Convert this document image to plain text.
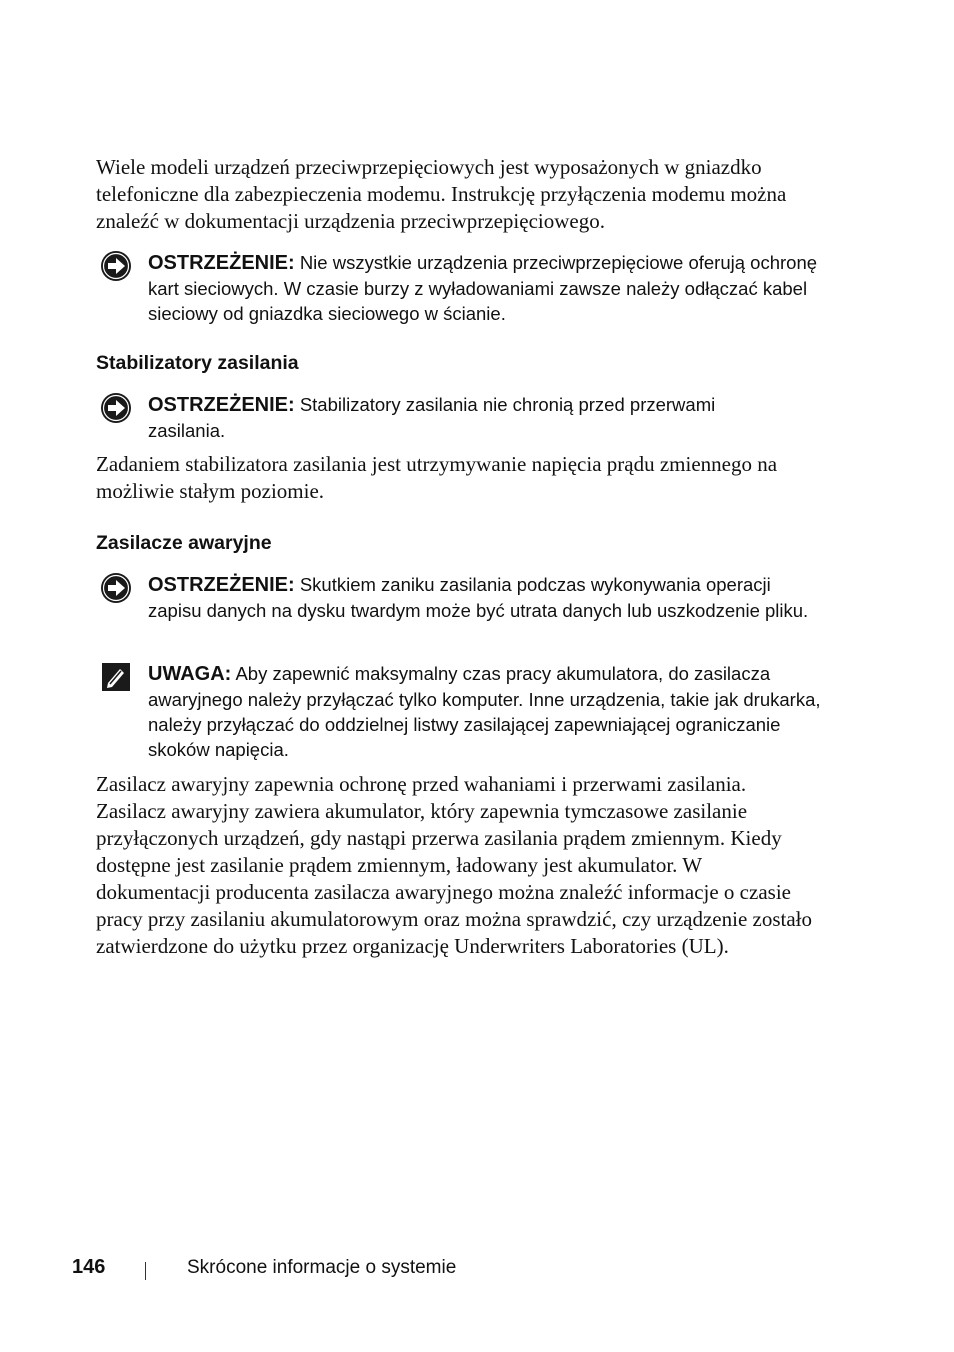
Wiele modeli urządzeń przeciwprzepięciowych jest wyposażonych w gniazdko telefoniczne dla zabezpieczenia modemu. Instrukcję przyłączenia modemu można znaleźć w dokumentacji urządzenia przeciwprzepięciowego.

OSTRZEŻENIE: Nie wszystkie urządzenia przeciwprzepięciowe oferują ochronę kart sieciowych. W czasie burzy z wyładowaniami zawsze należy odłączać kabel sieciowy od gniazdka sieciowego w ścianie.
Stabilizatory zasilania
OSTRZEŻENIE: Stabilizatory zasilania nie chronią przed przerwami zasilania.

Zadaniem stabilizatora zasilania jest utrzymywanie napięcia prądu zmiennego na możliwie stałym poziomie.

Zasilacze awaryjne
OSTRZEŻENIE: Skutkiem zaniku zasilania podczas wykonywania operacji zapisu danych na dysku twardym może być utrata danych lub uszkodzenie pliku.
UWAGA: Aby zapewnić maksymalny czas pracy akumulatora, do zasilacza awaryjnego należy przyłączać tylko komputer. Inne urządzenia, takie jak drukarka, należy przyłączać do oddzielnej listwy zasilającej zapewniającej ograniczanie skoków napięcia.

Zasilacz awaryjny zapewnia ochronę przed wahaniami i przerwami zasilania. Zasilacz awaryjny zawiera akumulator, który zapewnia tymczasowe zasilanie przyłączonych urządzeń, gdy nastąpi przerwa zasilania prądem zmiennym. Kiedy dostępne jest zasilanie prądem zmiennym, ładowany jest akumulator. W dokumentacji producenta zasilacza awaryjnego można znaleźć informacje o czasie pracy przy zasilaniu akumulatorowym oraz można sprawdzić, czy urządzenie zostało zatwierdzone do użytku przez organizację Underwriters Laboratories (UL).

146	Skrócone informacje o systemie
